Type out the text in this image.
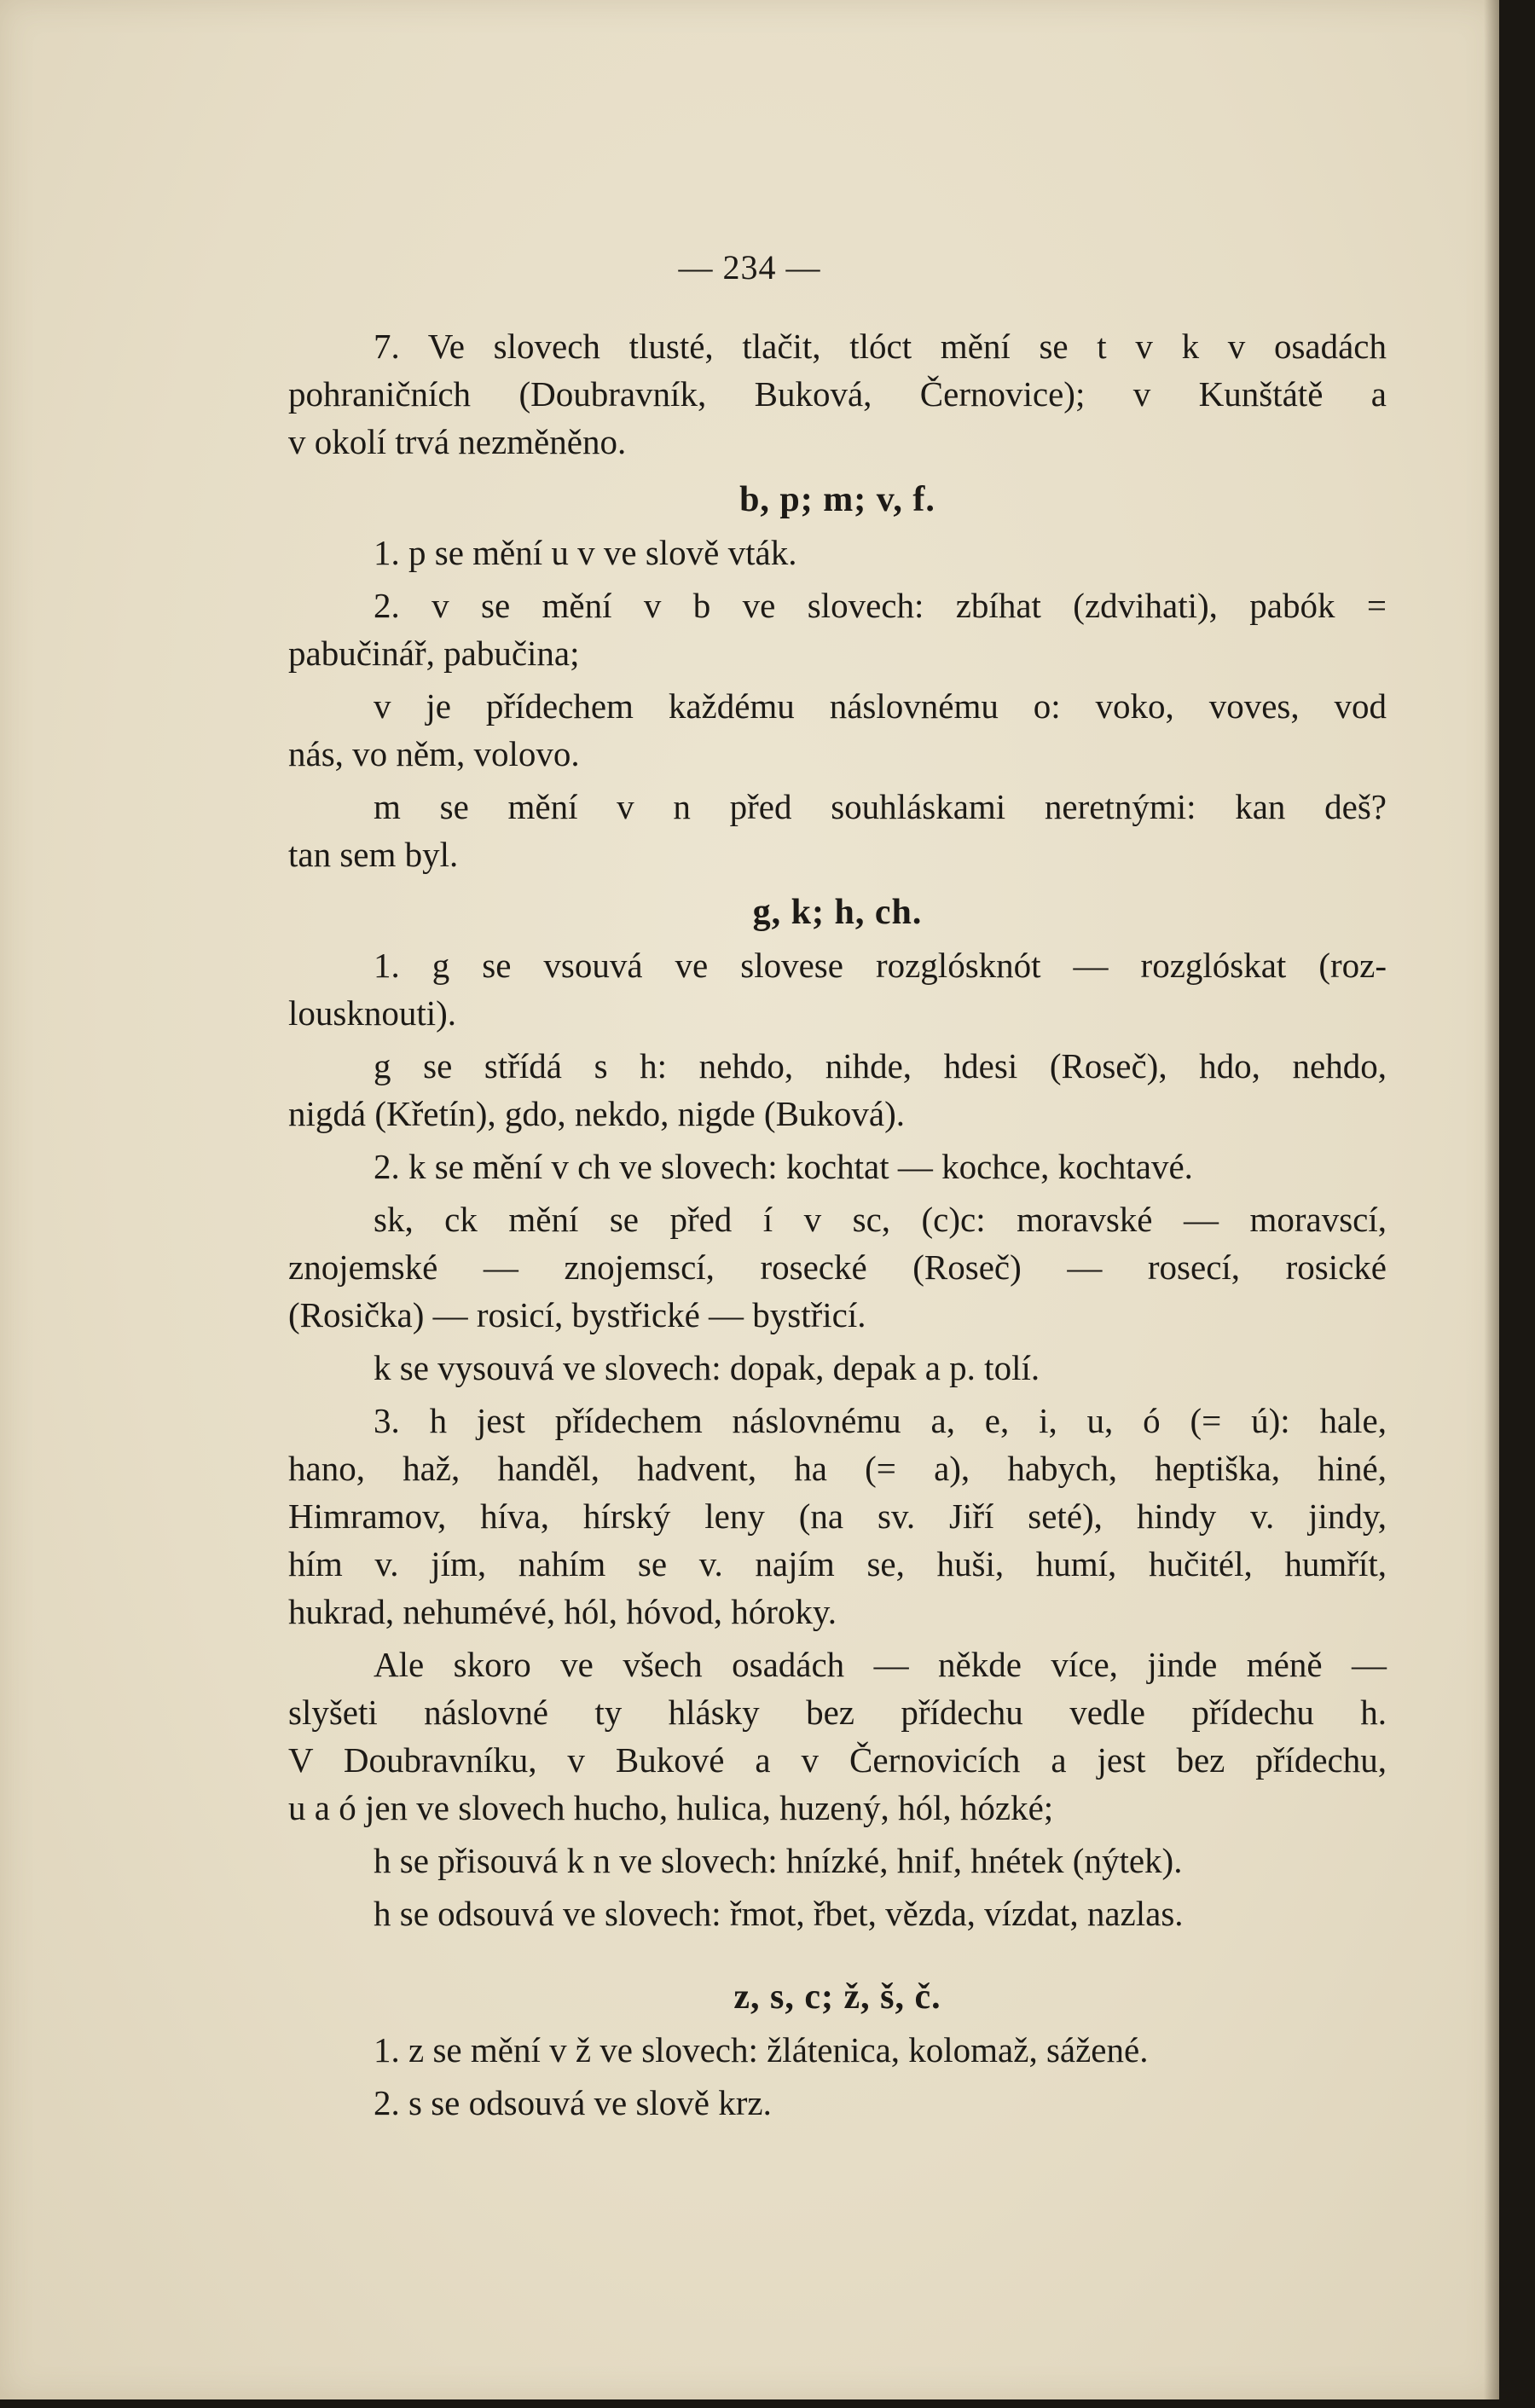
— 234 —
7. Ve slovech tlusté, tlačit, tlóct mění se t v k v osadách
pohraničních (Doubravník, Buková, Černovice); v Kunštátě a
v okolí trvá nezměněno.
b, p; m; v, f.
1. p se mění u v ve slově vták.
2. v se mění v b ve slovech: zbíhat (zdvihati), pabók =
pabučinář, pabučina;
v je přídechem každému náslovnému o: voko, voves, vod
nás, vo něm, volovo.
m se mění v n před souhláskami neretnými: kan deš?
tan sem byl.
g, k; h, ch.
1. g se vsouvá ve slovese rozglósknót — rozglóskat (roz-
lousknouti).
g se střídá s h: nehdo, nihde, hdesi (Roseč), hdo, nehdo,
nigdá (Křetín), gdo, nekdo, nigde (Buková).
2. k se mění v ch ve slovech: kochtat — kochce, kochtavé.
sk, ck mění se před í v sc, (c)c: moravské — moravscí,
znojemské — znojemscí, rosecké (Roseč) — rosecí, rosické
(Rosička) — rosicí, bystřické — bystřicí.
k se vysouvá ve slovech: dopak, depak a p. tolí.
3. h jest přídechem náslovnému a, e, i, u, ó (= ú): hale,
hano, haž, handěl, hadvent, ha (= a), habych, heptiška, hiné,
Himramov, híva, hírský leny (na sv. Jiří seté), hindy v. jindy,
hím v. jím, nahím se v. najím se, huši, humí, hučitél, humřít,
hukrad, nehumévé, hól, hóvod, hóroky.
Ale skoro ve všech osadách — někde více, jinde méně —
slyšeti náslovné ty hlásky bez přídechu vedle přídechu h.
V Doubravníku, v Bukové a v Černovicích a jest bez přídechu,
u a ó jen ve slovech hucho, hulica, huzený, hól, hózké;
h se přisouvá k n ve slovech: hnízké, hnif, hnétek (nýtek).
h se odsouvá ve slovech: řmot, řbet, vězda, vízdat, nazlas.
z, s, c; ž, š, č.
1. z se mění v ž ve slovech: žlátenica, kolomaž, sážené.
2. s se odsouvá ve slově krz.
